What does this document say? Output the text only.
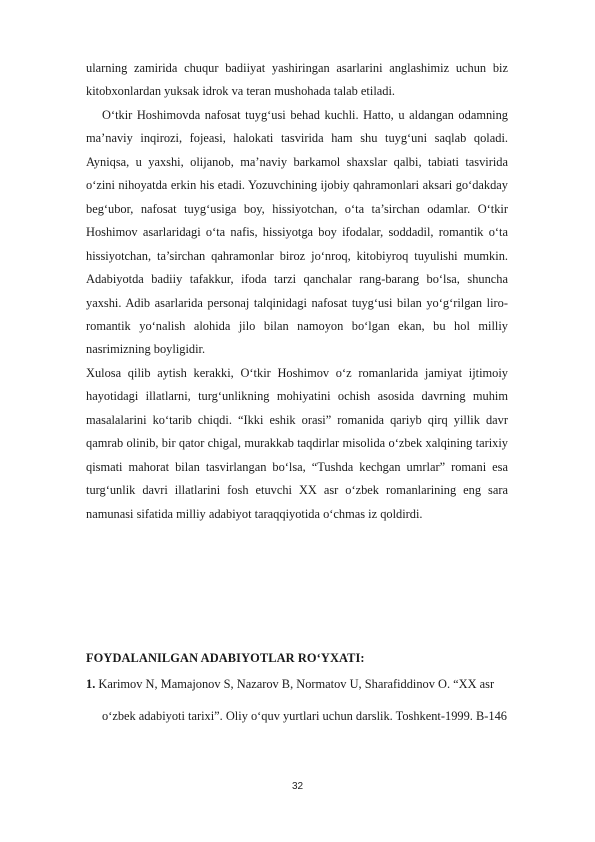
ularning zamirida chuqur badiiyat yashiringan asarlarini anglashimiz uchun biz kitobxonlardan yuksak idrok va teran mushohada talab etiladi.

O‘tkir Hoshimovda nafosat tuyg‘usi behad kuchli. Hatto, u aldangan odamning ma’naviy inqirozi, fojeasi, halokati tasvirida ham shu tuyg‘uni saqlab qoladi. Ayniqsa, u yaxshi, olijanob, ma’naviy barkamol shaxslar qalbi, tabiati tasvirida o‘zini nihoyatda erkin his etadi. Yozuvchining ijobiy qahramonlari aksari go‘dakday beg‘ubor, nafosat tuyg‘usiga boy, hissiyotchan, o‘ta ta’sirchan odamlar. O‘tkir Hoshimov asarlaridagi o‘ta nafis, hissiyotga boy ifodalar, soddadil, romantik o‘ta hissiyotchan, ta’sirchan qahramonlar biroz jo‘nroq, kitobiyroq tuyulishi mumkin. Adabiyotda badiiy tafakkur, ifoda tarzi qanchalar rang-barang bo‘lsa, shuncha yaxshi. Adib asarlarida personaj talqinidagi nafosat tuyg‘usi bilan yo‘g‘rilgan liro-romantik yo‘nalish alohida jilo bilan namoyon bo‘lgan ekan, bu hol milliy nasrimizning boyligidir.

Xulosa qilib aytish kerakki, O‘tkir Hoshimov o‘z romanlarida jamiyat ijtimoiy hayotidagi illatlarni, turg‘unlikning mohiyatini ochish asosida davrning muhim masalalarini ko‘tarib chiqdi. “Ikki eshik orasi” romanida qariyb qirq yillik davr qamrab olinib, bir qator chigal, murakkab taqdirlar misolida o‘zbek xalqining tarixiy qismati mahorat bilan tasvirlangan bo‘lsa, “Tushda kechgan umrlar” romani esa turg‘unlik davri illatlarini fosh etuvchi XX asr o‘zbek romanlarining eng sara namunasi sifatida milliy adabiyot taraqqiyotida o‘chmas iz qoldirdi.

FOYDALANILGAN ADABIYOTLAR RO‘YXATI:
1. Karimov N, Mamajonov S, Nazarov B, Normatov U, Sharafiddinov O. “XX asr
o‘zbek adabiyoti tarixi”. Oliy o‘quv yurtlari uchun darslik. Toshkent-1999. B-146
32
